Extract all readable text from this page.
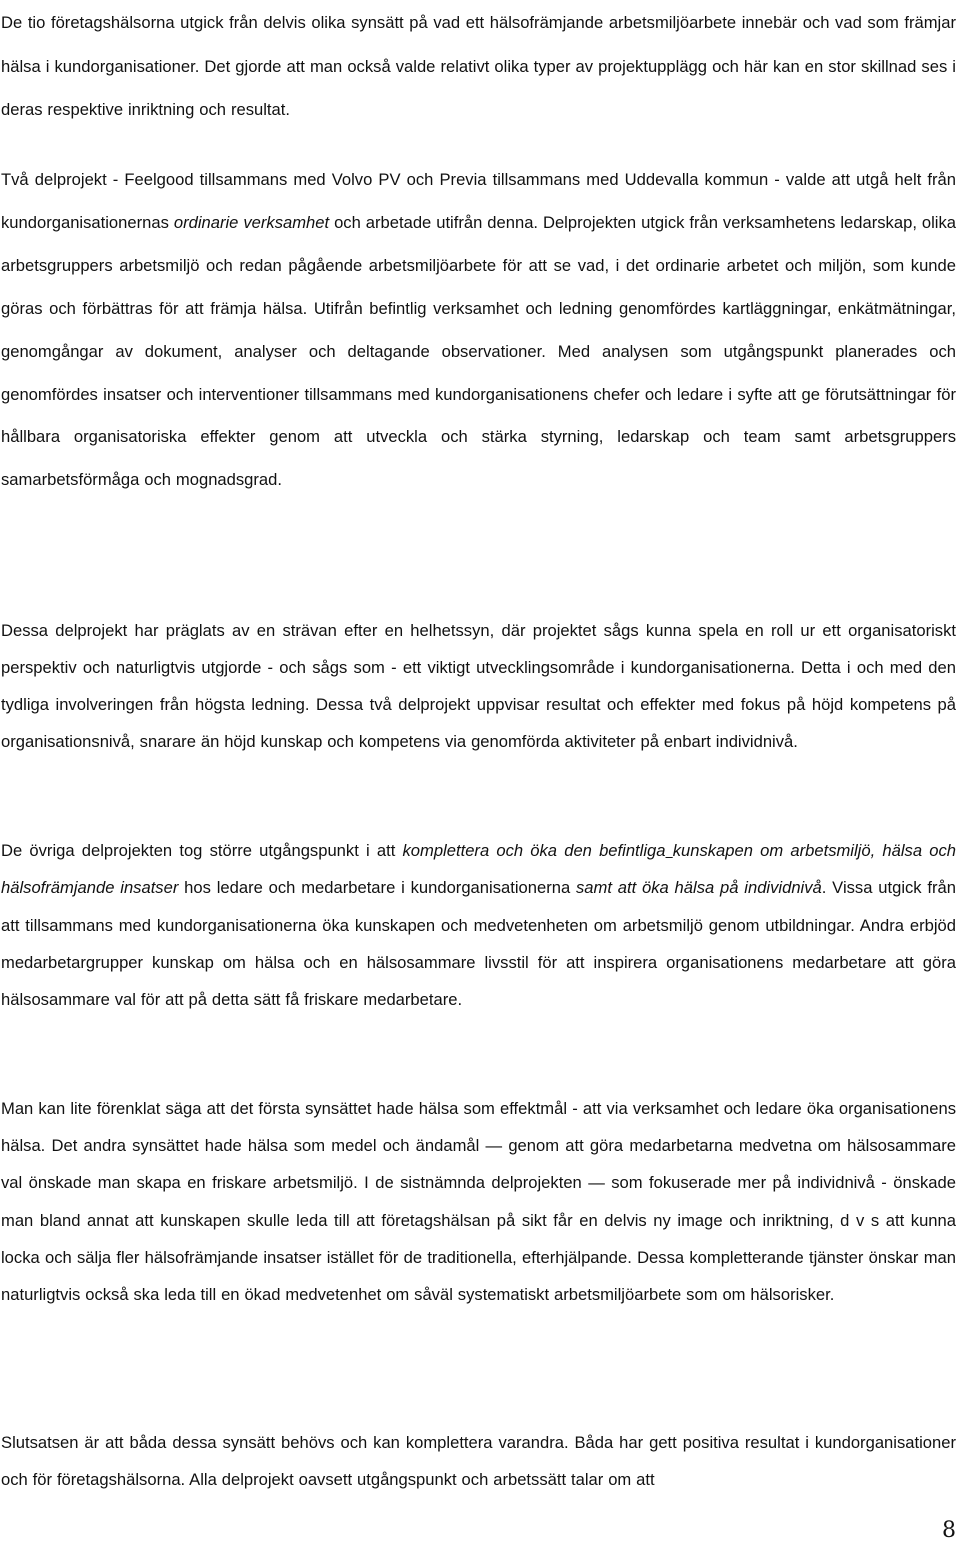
De tio företagshälsorna utgick från delvis olika synsätt på vad ett hälsofrämjande arbetsmiljöarbete innebär och vad som främjar hälsa i kundorganisationer. Det gjorde att man också valde relativt olika typer av projektupplägg och här kan en stor skillnad ses i deras respektive inriktning och resultat.

Två delprojekt - Feelgood tillsammans med Volvo PV och Previa tillsammans med Uddevalla kommun - valde att utgå helt från kundorganisationernas ordinarie verksamhet och arbetade utifrån denna. Delprojekten utgick från verksamhetens ledarskap, olika arbetsgruppers arbetsmiljö och redan pågående arbetsmiljöarbete för att se vad, i det ordinarie arbetet och miljön, som kunde göras och förbättras för att främja hälsa. Utifrån befintlig verksamhet och ledning genomfördes kartläggningar, enkätmätningar, genomgångar av dokument, analyser och deltagande observationer. Med analysen som utgångspunkt planerades och genomfördes insatser och interventioner tillsammans med kundorganisationens chefer och ledare i syfte att ge förutsättningar för hållbara organisatoriska effekter genom att utveckla och stärka styrning, ledarskap och team samt arbetsgruppers samarbetsförmåga och mognadsgrad.

Dessa delprojekt har präglats av en strävan efter en helhetssyn, där projektet sågs kunna spela en roll ur ett organisatoriskt perspektiv och naturligtvis utgjorde - och sågs som - ett viktigt utvecklingsområde i kundorganisationerna. Detta i och med den tydliga involveringen från högsta ledning. Dessa två delprojekt uppvisar resultat och effekter med fokus på höjd kompetens på organisationsnivå, snarare än höjd kunskap och kompetens via genomförda aktiviteter på enbart individnivå.

De övriga delprojekten tog större utgångspunkt i att komplettera och öka den befintliga kunskapen om arbetsmiljö, hälsa och hälsofrämjande insatser hos ledare och medarbetare i kundorganisationerna samt att öka hälsa på individnivå. Vissa utgick från att tillsammans med kundorganisationerna öka kunskapen och medvetenheten om arbetsmiljö genom utbildningar. Andra erbjöd medarbetargrupper kunskap om hälsa och en hälsosammare livsstil för att inspirera organisationens medarbetare att göra hälsosammare val för att på detta sätt få friskare medarbetare.

Man kan lite förenklat säga att det första synsättet hade hälsa som effektmål - att via verksamhet och ledare öka organisationens hälsa. Det andra synsättet hade hälsa som medel och ändamål — genom att göra medarbetarna medvetna om hälsosammare val önskade man skapa en friskare arbetsmiljö. I de sistnämnda delprojekten — som fokuserade mer på individnivå - önskade man bland annat att kunskapen skulle leda till att företagshälsan på sikt får en delvis ny image och inriktning, d v s att kunna locka och sälja fler hälsofrämjande insatser istället för de traditionella, efterhjälpande. Dessa kompletterande tjänster önskar man naturligtvis också ska leda till en ökad medvetenhet om såväl systematiskt arbetsmiljöarbete som om hälsorisker.

Slutsatsen är att båda dessa synsätt behövs och kan komplettera varandra. Båda har gett positiva resultat i kundorganisationer och för företagshälsorna. Alla delprojekt oavsett utgångspunkt och arbetssätt talar om att

8
